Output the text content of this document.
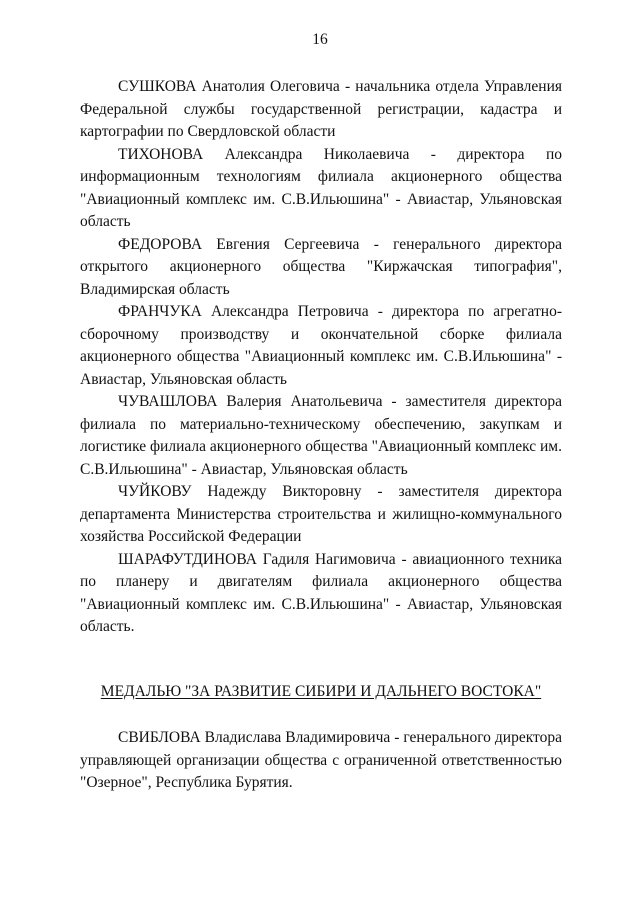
16

СУШКОВА Анатолия Олеговича - начальника отдела Управления Федеральной службы государственной регистрации, кадастра и картографии по Свердловской области

ТИХОНОВА Александра Николаевича - директора по информационным технологиям филиала акционерного общества "Авиационный комплекс им. С.В.Ильюшина" - Авиастар, Ульяновская область

ФЕДОРОВА Евгения Сергеевича - генерального директора открытого акционерного общества "Киржачская типография", Владимирская область

ФРАНЧУКА Александра Петровича - директора по агрегатно-сборочному производству и окончательной сборке филиала акционерного общества "Авиационный комплекс им. С.В.Ильюшина" - Авиастар, Ульяновская область

ЧУВАШЛОВА Валерия Анатольевича - заместителя директора филиала по материально-техническому обеспечению, закупкам и логистике филиала акционерного общества "Авиационный комплекс им. С.В.Ильюшина" - Авиастар, Ульяновская область

ЧУЙКОВУ Надежду Викторовну - заместителя директора департамента Министерства строительства и жилищно-коммунального хозяйства Российской Федерации

ШАРАФУТДИНОВА Гадиля Нагимовича - авиационного техника по планеру и двигателям филиала акционерного общества "Авиационный комплекс им. С.В.Ильюшина" - Авиастар, Ульяновская область.

МЕДАЛЬЮ "ЗА РАЗВИТИЕ СИБИРИ И ДАЛЬНЕГО ВОСТОКА"

СВИБЛОВА Владислава Владимировича - генерального директора управляющей организации общества с ограниченной ответственностью "Озерное", Республика Бурятия.
